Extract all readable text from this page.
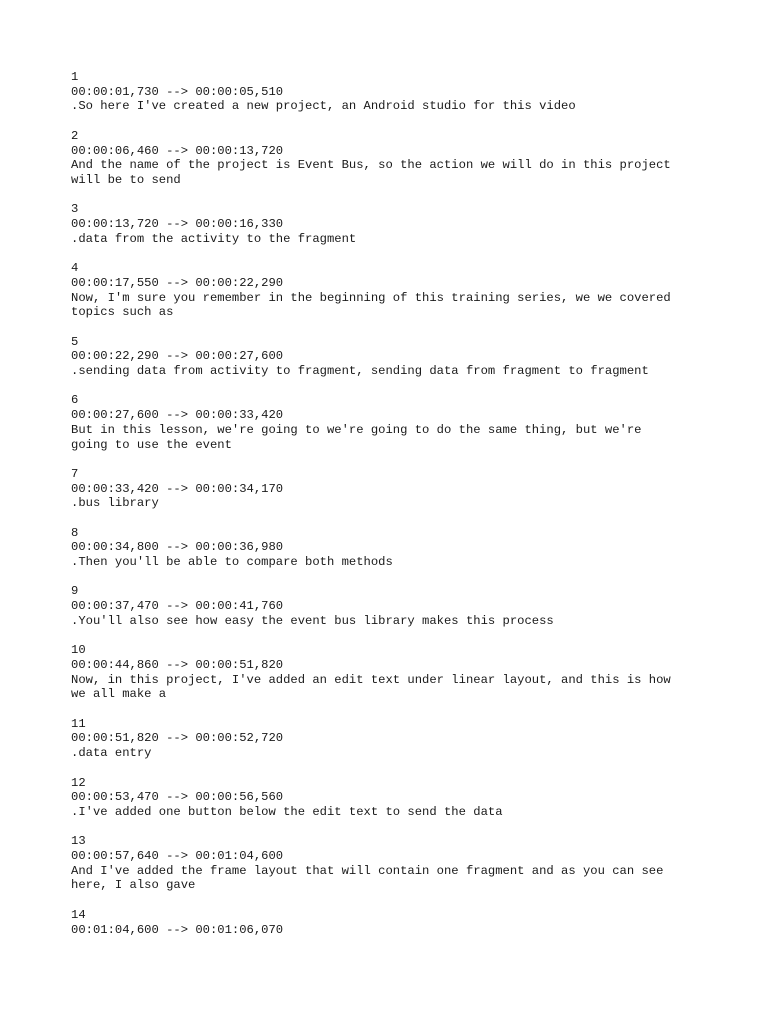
1
00:00:01,730 --> 00:00:05,510
.So here I've created a new project, an Android studio for this video
2
00:00:06,460 --> 00:00:13,720
And the name of the project is Event Bus, so the action we will do in this project
will be to send
3
00:00:13,720 --> 00:00:16,330
.data from the activity to the fragment
4
00:00:17,550 --> 00:00:22,290
Now, I'm sure you remember in the beginning of this training series, we we covered
topics such as
5
00:00:22,290 --> 00:00:27,600
.sending data from activity to fragment, sending data from fragment to fragment
6
00:00:27,600 --> 00:00:33,420
But in this lesson, we're going to we're going to do the same thing, but we're
going to use the event
7
00:00:33,420 --> 00:00:34,170
.bus library
8
00:00:34,800 --> 00:00:36,980
.Then you'll be able to compare both methods
9
00:00:37,470 --> 00:00:41,760
.You'll also see how easy the event bus library makes this process
10
00:00:44,860 --> 00:00:51,820
Now, in this project, I've added an edit text under linear layout, and this is how
we all make a
11
00:00:51,820 --> 00:00:52,720
.data entry
12
00:00:53,470 --> 00:00:56,560
.I've added one button below the edit text to send the data
13
00:00:57,640 --> 00:01:04,600
And I've added the frame layout that will contain one fragment and as you can see
here, I also gave
14
00:01:04,600 --> 00:01:06,070
